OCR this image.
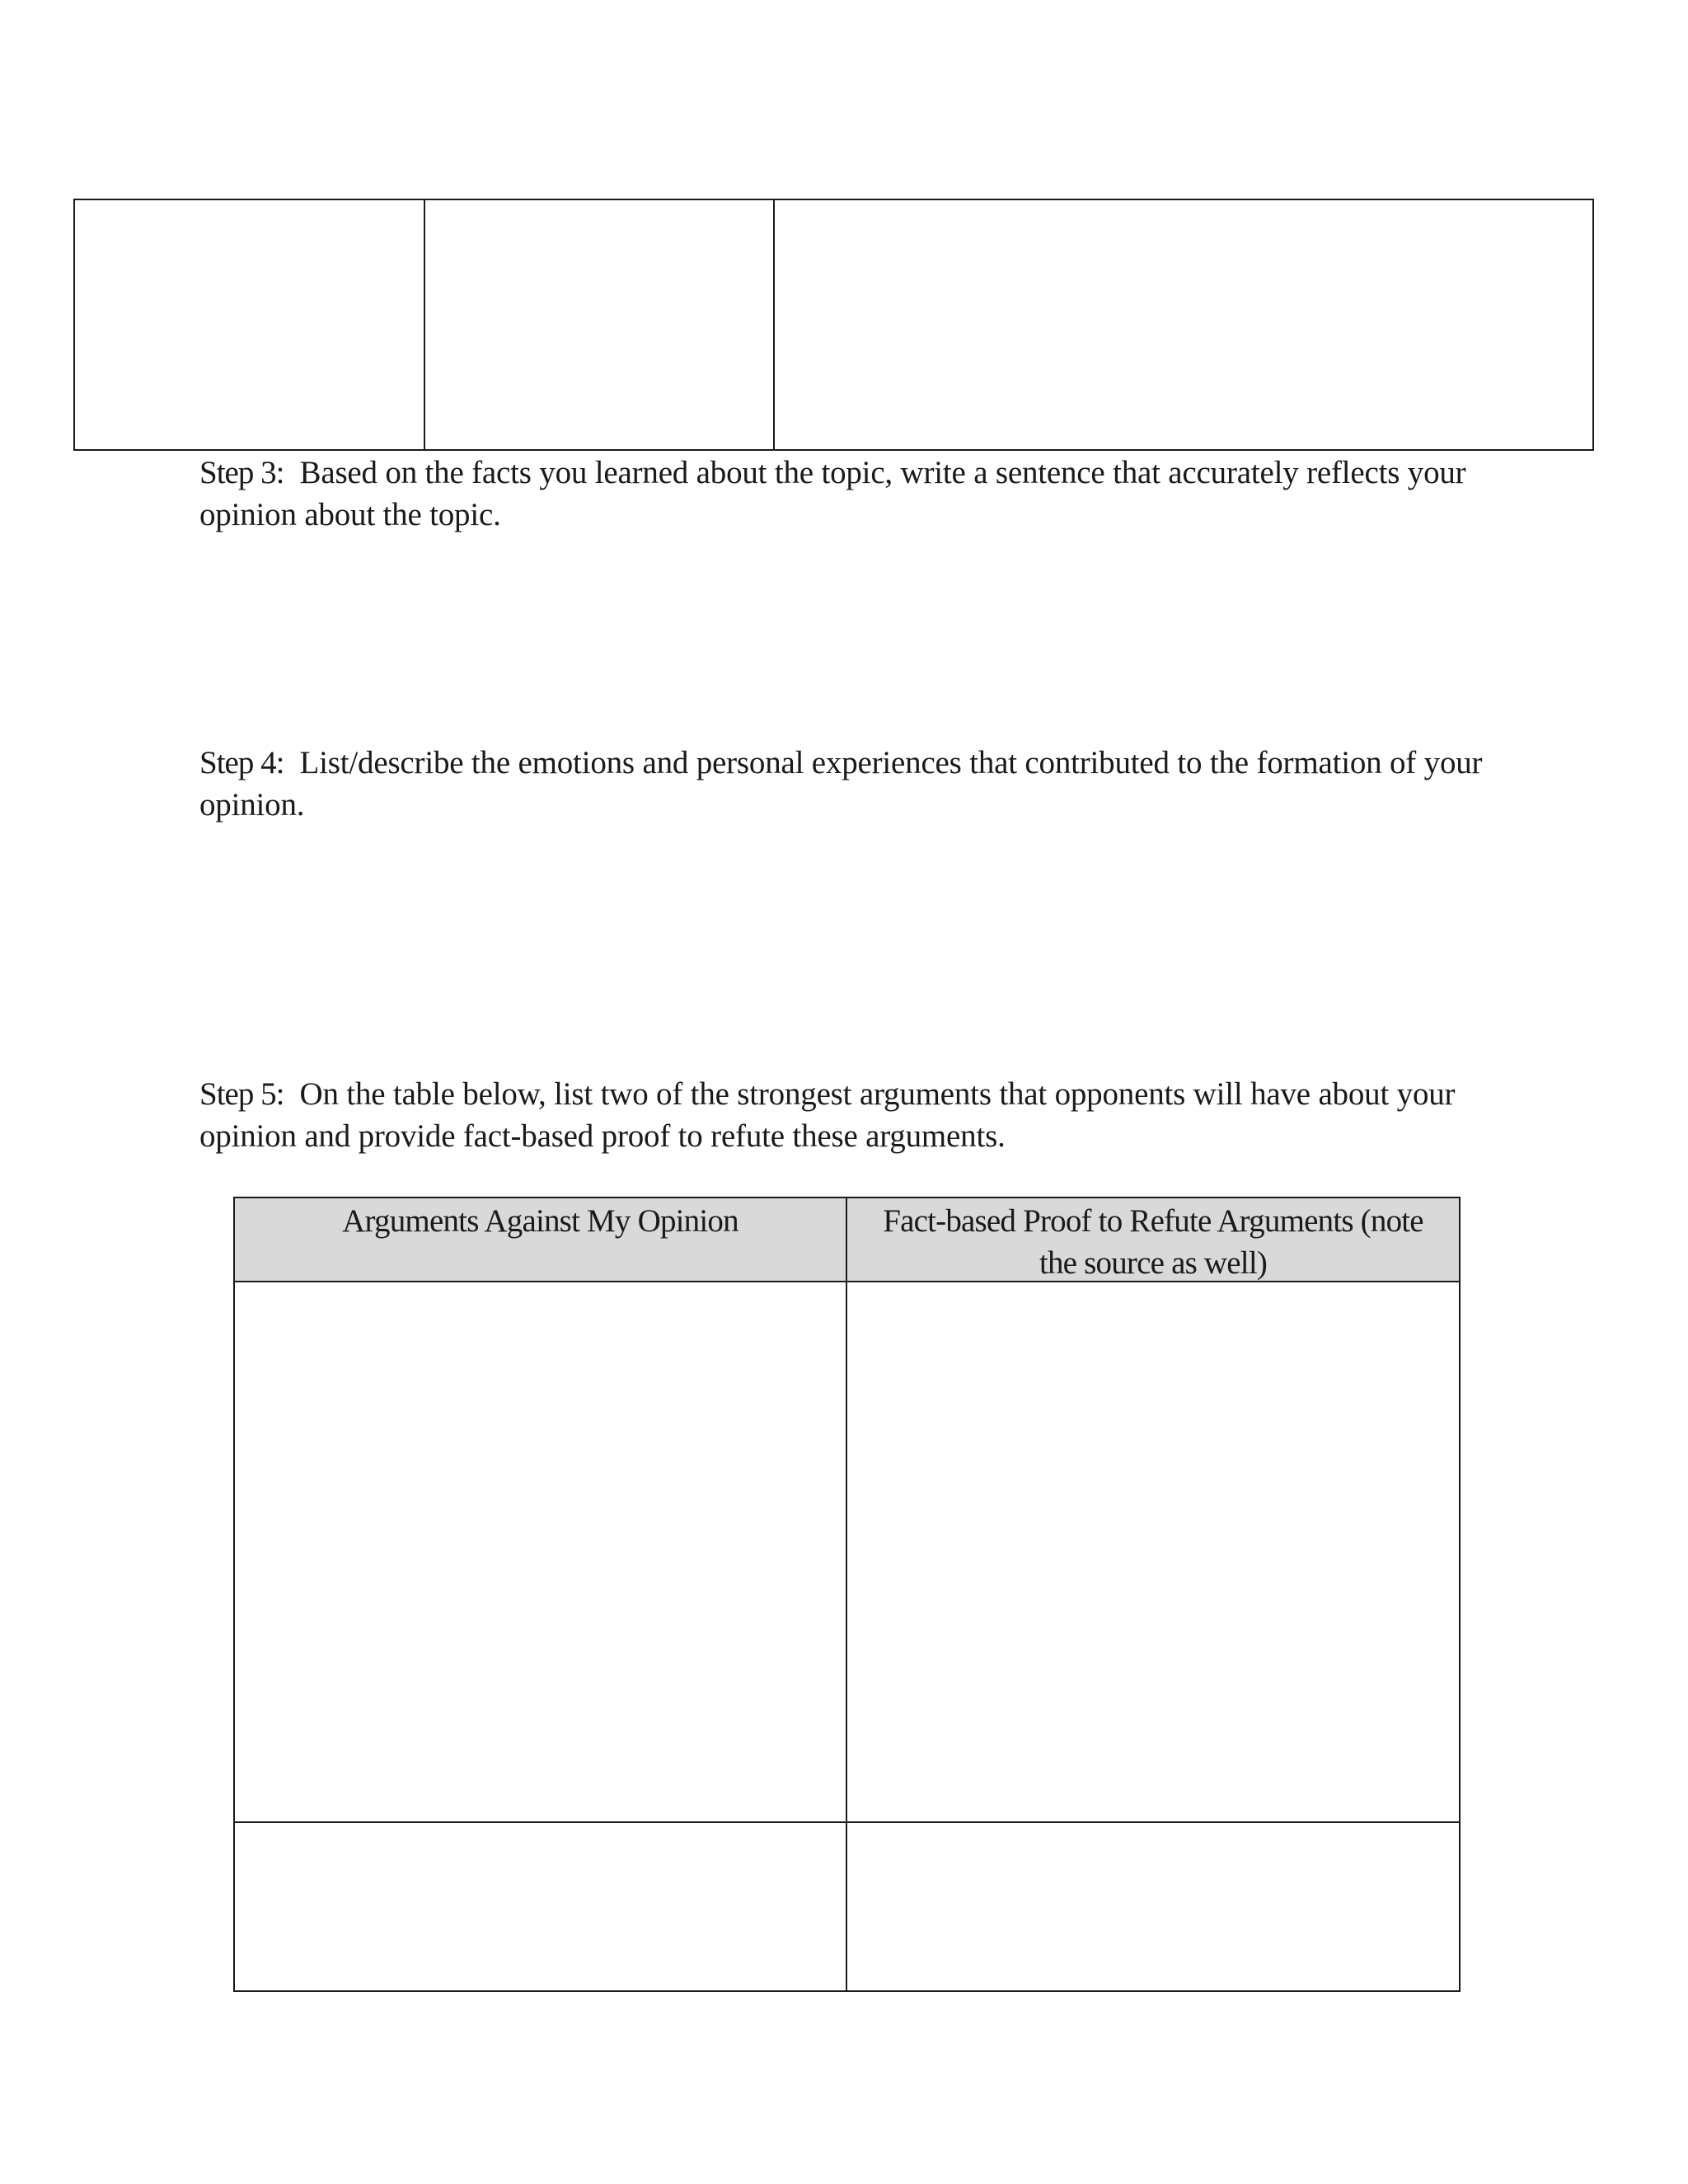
Step 3: Based on the facts you learned about the topic, write a sentence that accurately reflects your opinion about the topic.
Step 4: List/describe the emotions and personal experiences that contributed to the formation of your opinion.
Step 5: On the table below, list two of the strongest arguments that opponents will have about your opinion and provide fact-based proof to refute these arguments.
Arguments Against My Opinion	Fact-based Proof to Refute Arguments (note the source as well)
